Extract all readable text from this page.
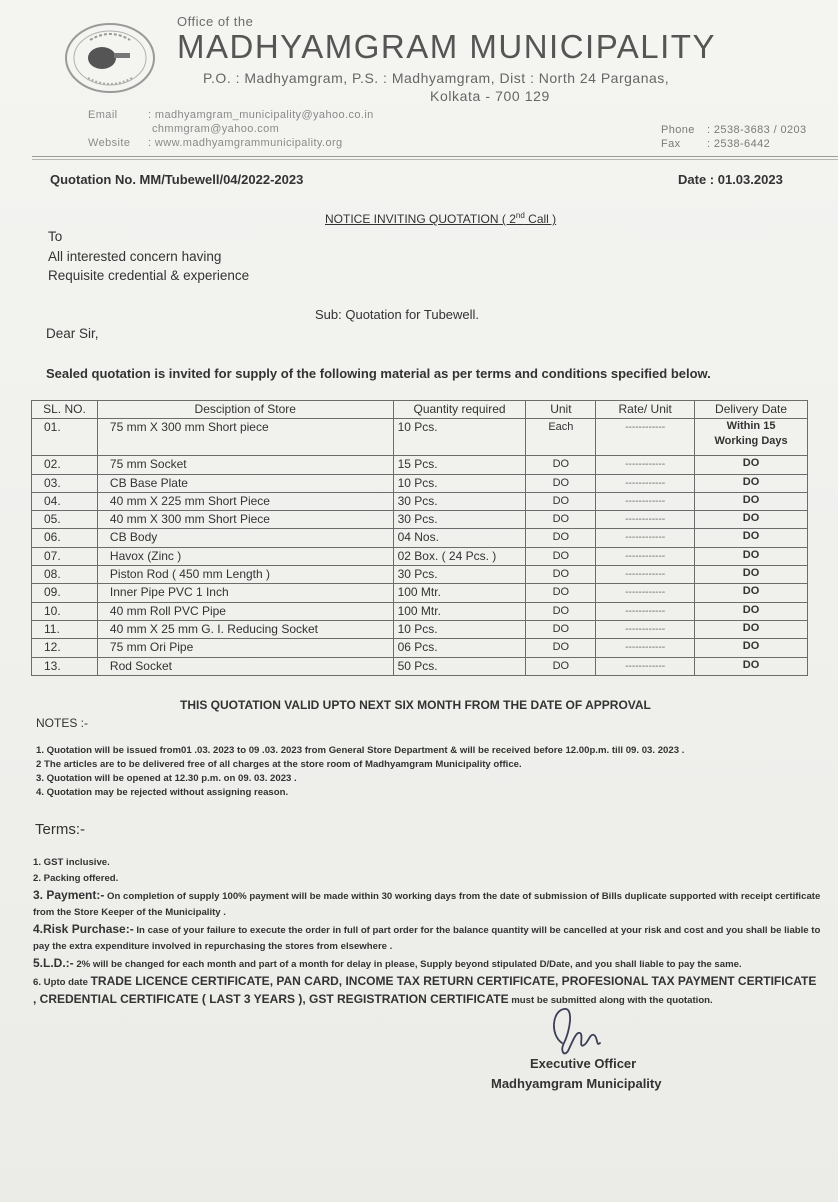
Office of the
MADHYAMGRAM MUNICIPALITY
P.O. : Madhyamgram, P.S. : Madhyamgram, Dist : North 24 Parganas,
Kolkata - 700 129
Email	: madhyamgram_municipality@yahoo.co.in
chmmgram@yahoo.com
Website : www.madhyamgrammunicipality.org
Phone : 2538-3683 / 0203
Fax : 2538-6442
Quotation No. MM/Tubewell/04/2022-2023	Date : 01.03.2023
NOTICE INVITING QUOTATION ( 2nd Call )
To
All interested concern having
Requisite credential & experience
Sub: Quotation for Tubewell.
Dear Sir,
Sealed quotation is invited for supply of the following material as per terms and conditions specified below.
SL. NO.	Desciption of Store	Quantity required	Unit	Rate/ Unit	Delivery Date
01.	75 mm X 300 mm Short piece	10 Pcs.	Each	------------	Within 15
Working Days

02.	75 mm Socket	15 Pcs.	DO	------------	DO
03.	CB Base Plate	10 Pcs.	DO	------------	DO
04.	40 mm X 225 mm Short Piece	30 Pcs.	DO	------------	DO
05.	40 mm X 300 mm Short Piece	30 Pcs.	DO	------------	DO
06.	CB Body	04 Nos.	DO	------------	DO
07.	Havox (Zinc )	02 Box. ( 24 Pcs. )	DO	------------	DO
08.	Piston Rod ( 450 mm Length )	30 Pcs.	DO	------------	DO
09.	Inner Pipe PVC 1 Inch	100 Mtr.	DO	------------	DO
10.	40 mm Roll PVC Pipe	100 Mtr.	DO	------------	DO
11.	40 mm X 25 mm G. I. Reducing Socket	10 Pcs.	DO	------------	DO
12.	75 mm Ori Pipe	06 Pcs.	DO	------------	DO
13.	Rod Socket	50 Pcs.	DO	------------	DO
THIS QUOTATION VALID UPTO NEXT SIX MONTH FROM THE DATE OF APPROVAL
NOTES :-
1. Quotation will be issued from01 .03. 2023 to 09 .03. 2023 from General Store Department & will be received before 12.00p.m. till 09. 03. 2023 .
2 The articles are to be delivered free of all charges at the store room of Madhyamgram Municipality office.
3. Quotation will be opened at 12.30 p.m. on 09. 03. 2023 .
4. Quotation may be rejected without assigning reason.
Terms:-

1. GST inclusive.

2. Packing offered.

3. Payment:- On completion of supply 100% payment will be made within 30 working days from the date of submission of Bills duplicate supported with receipt certificate from the Store Keeper of the Municipality .

4.Risk Purchase:- In case of your failure to execute the order in full of part order for the balance quantity will be cancelled at your risk and cost and you shall be liable to pay the extra expenditure involved in repurchasing the stores from elsewhere .

5.L.D.:- 2% will be changed for each month and part of a month for delay in please, Supply beyond stipulated D/Date, and you shall liable to pay the same.

6. Upto date TRADE LICENCE CERTIFICATE, PAN CARD, INCOME TAX RETURN CERTIFICATE, PROFESIONAL TAX PAYMENT CERTIFICATE , CREDENTIAL CERTIFICATE ( LAST 3 YEARS ), GST REGISTRATION CERTIFICATE must be submitted along with the quotation.

Executive Officer
Madhyamgram Municipality
